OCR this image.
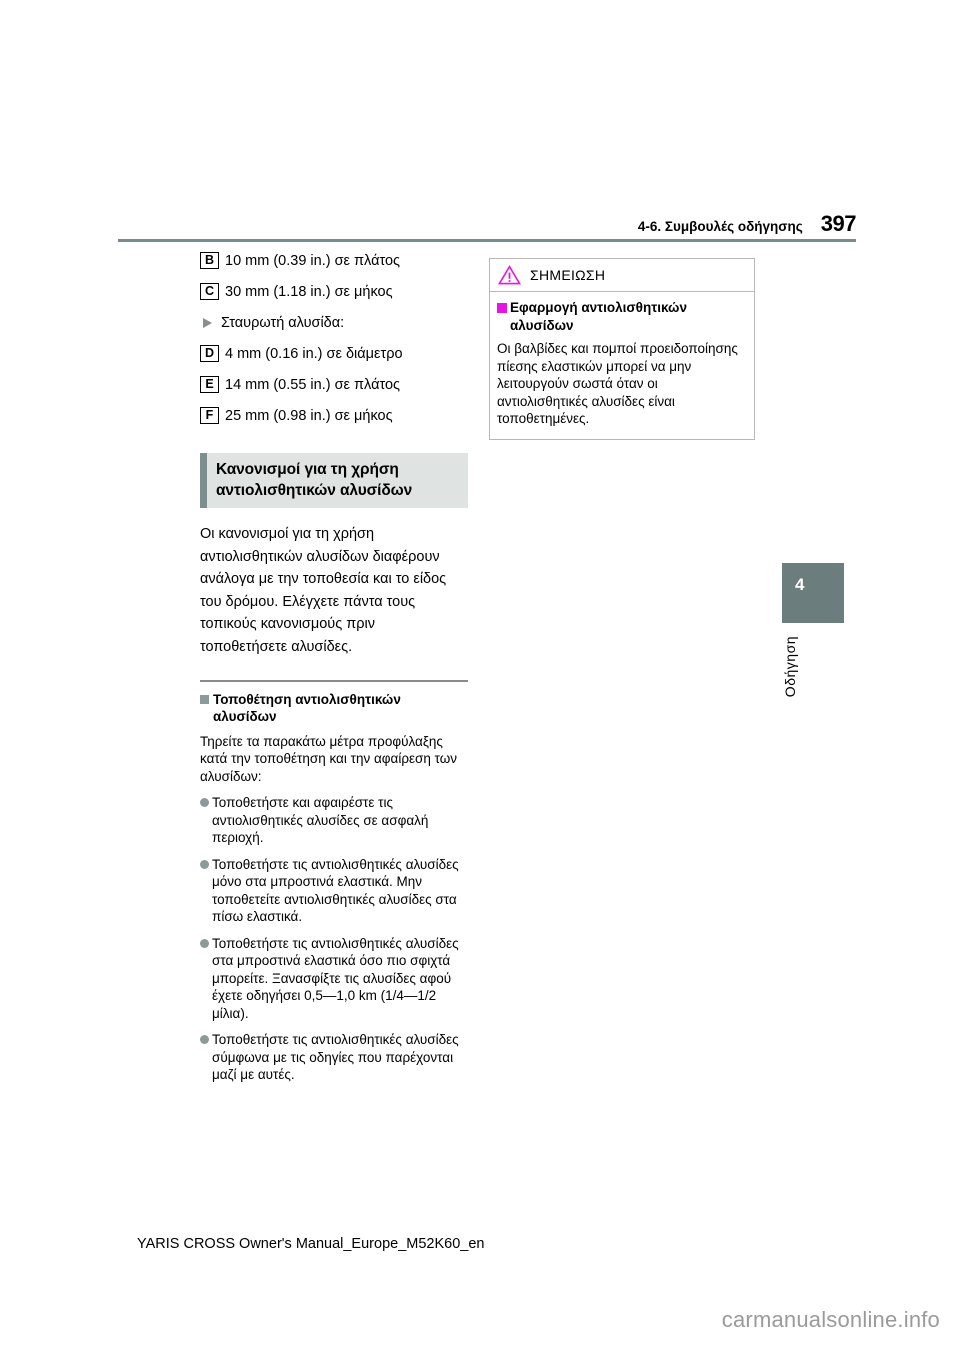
4-6. Συμβουλές οδήγησης 397
B 10 mm (0.39 in.) σε πλάτος
C 30 mm (1.18 in.) σε μήκος
Σταυρωτή αλυσίδα:
D 4 mm (0.16 in.) σε διάμετρο
E 14 mm (0.55 in.) σε πλάτος
F 25 mm (0.98 in.) σε μήκος
Κανονισμοί για τη χρήση αντιολισθητικών αλυσίδων
Οι κανονισμοί για τη χρήση αντιολισθητικών αλυσίδων διαφέρουν ανάλογα με την τοποθεσία και το είδος του δρόμου. Ελέγχετε πάντα τους τοπικούς κανονισμούς πριν τοποθετήσετε αλυσίδες.
Τοποθέτηση αντιολισθητικών αλυσίδων
Τηρείτε τα παρακάτω μέτρα προφύλαξης κατά την τοποθέτηση και την αφαίρεση των αλυσίδων:
Τοποθετήστε και αφαιρέστε τις αντιολισθητικές αλυσίδες σε ασφαλή περιοχή.
Τοποθετήστε τις αντιολισθητικές αλυσίδες μόνο στα μπροστινά ελαστικά. Μην τοποθετείτε αντιολισθητικές αλυσίδες στα πίσω ελαστικά.
Τοποθετήστε τις αντιολισθητικές αλυσίδες στα μπροστινά ελαστικά όσο πιο σφιχτά μπορείτε. Ξανασφίξτε τις αλυσίδες αφού έχετε οδηγήσει 0,5—1,0 km (1/4—1/2 μίλια).
Τοποθετήστε τις αντιολισθητικές αλυσίδες σύμφωνα με τις οδηγίες που παρέχονται μαζί με αυτές.
ΣΗΜΕΙΩΣΗ
Εφαρμογή αντιολισθητικών αλυσίδων
Οι βαλβίδες και πομποί προειδοποίησης πίεσης ελαστικών μπορεί να μην λειτουργούν σωστά όταν οι αντιολισθητικές αλυσίδες είναι τοποθετημένες.
4
Οδήγηση
YARIS CROSS Owner's Manual_Europe_M52K60_en
carmanualsonline.info
